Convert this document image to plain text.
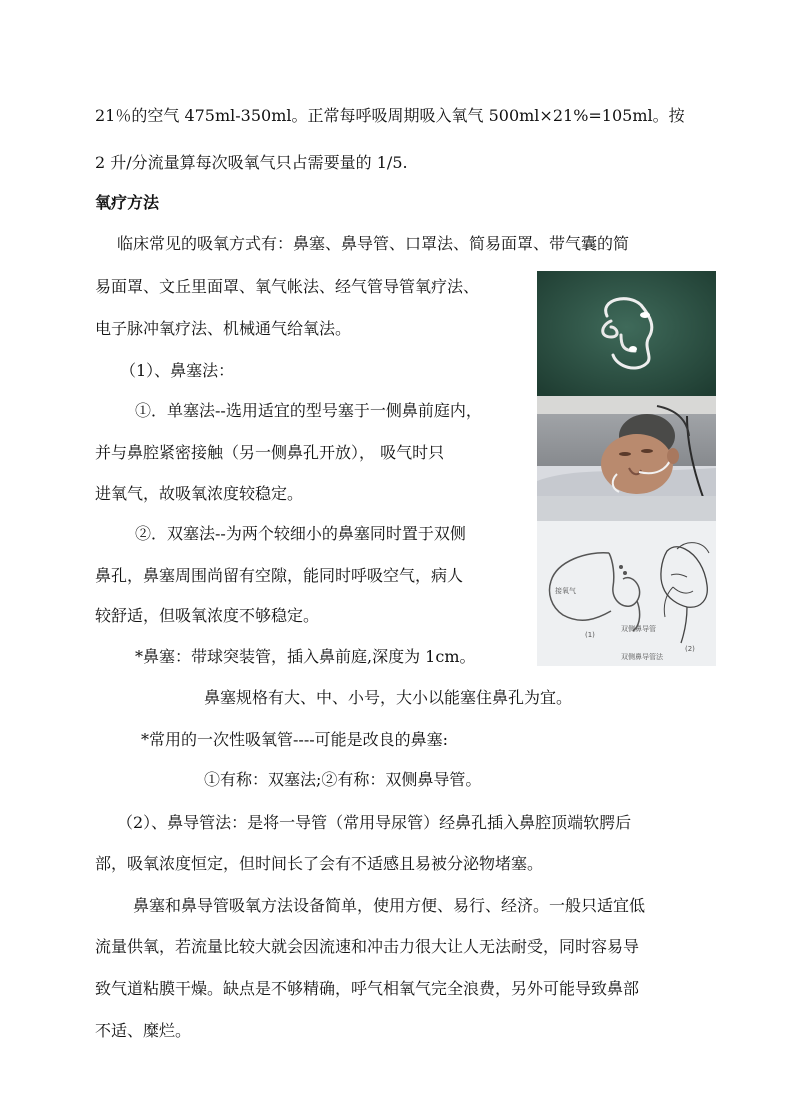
21％的空气 475ml-350ml。正常每呼吸周期吸入氧气 500ml×21%=105ml。按
2 升/分流量算每次吸氧气只占需要量的 1/5.
氧疗方法
临床常见的吸氧方式有：鼻塞、鼻导管、口罩法、简易面罩、带气囊的简
易面罩、文丘里面罩、氧气帐法、经气管导管氧疗法、
电子脉冲氧疗法、机械通气给氧法。
（1）、鼻塞法：
①．单塞法--选用适宜的型号塞于一侧鼻前庭内，
并与鼻腔紧密接触（另一侧鼻孔开放）， 吸气时只
进氧气，故吸氧浓度较稳定。
②．双塞法--为两个较细小的鼻塞同时置于双侧
鼻孔，鼻塞周围尚留有空隙，能同时呼吸空气，病人
较舒适，但吸氧浓度不够稳定。
*鼻塞：带球突装管，插入鼻前庭,深度为 1cm。
鼻塞规格有大、中、小号，大小以能塞住鼻孔为宜。
*常用的一次性吸氧管----可能是改良的鼻塞:
①有称：双塞法;②有称：双侧鼻导管。
（2）、鼻导管法：是将一导管（常用导尿管）经鼻孔插入鼻腔顶端软腭后
部，吸氧浓度恒定，但时间长了会有不适感且易被分泌物堵塞。
鼻塞和鼻导管吸氧方法设备简单，使用方便、易行、经济。一般只适宜低
流量供氧，若流量比较大就会因流速和冲击力很大让人无法耐受，同时容易导
致气道粘膜干燥。缺点是不够精确，呼气相氧气完全浪费，另外可能导致鼻部
不适、糜烂。
接氧气
双侧鼻导管
(1)
(2)
双侧鼻导管法
